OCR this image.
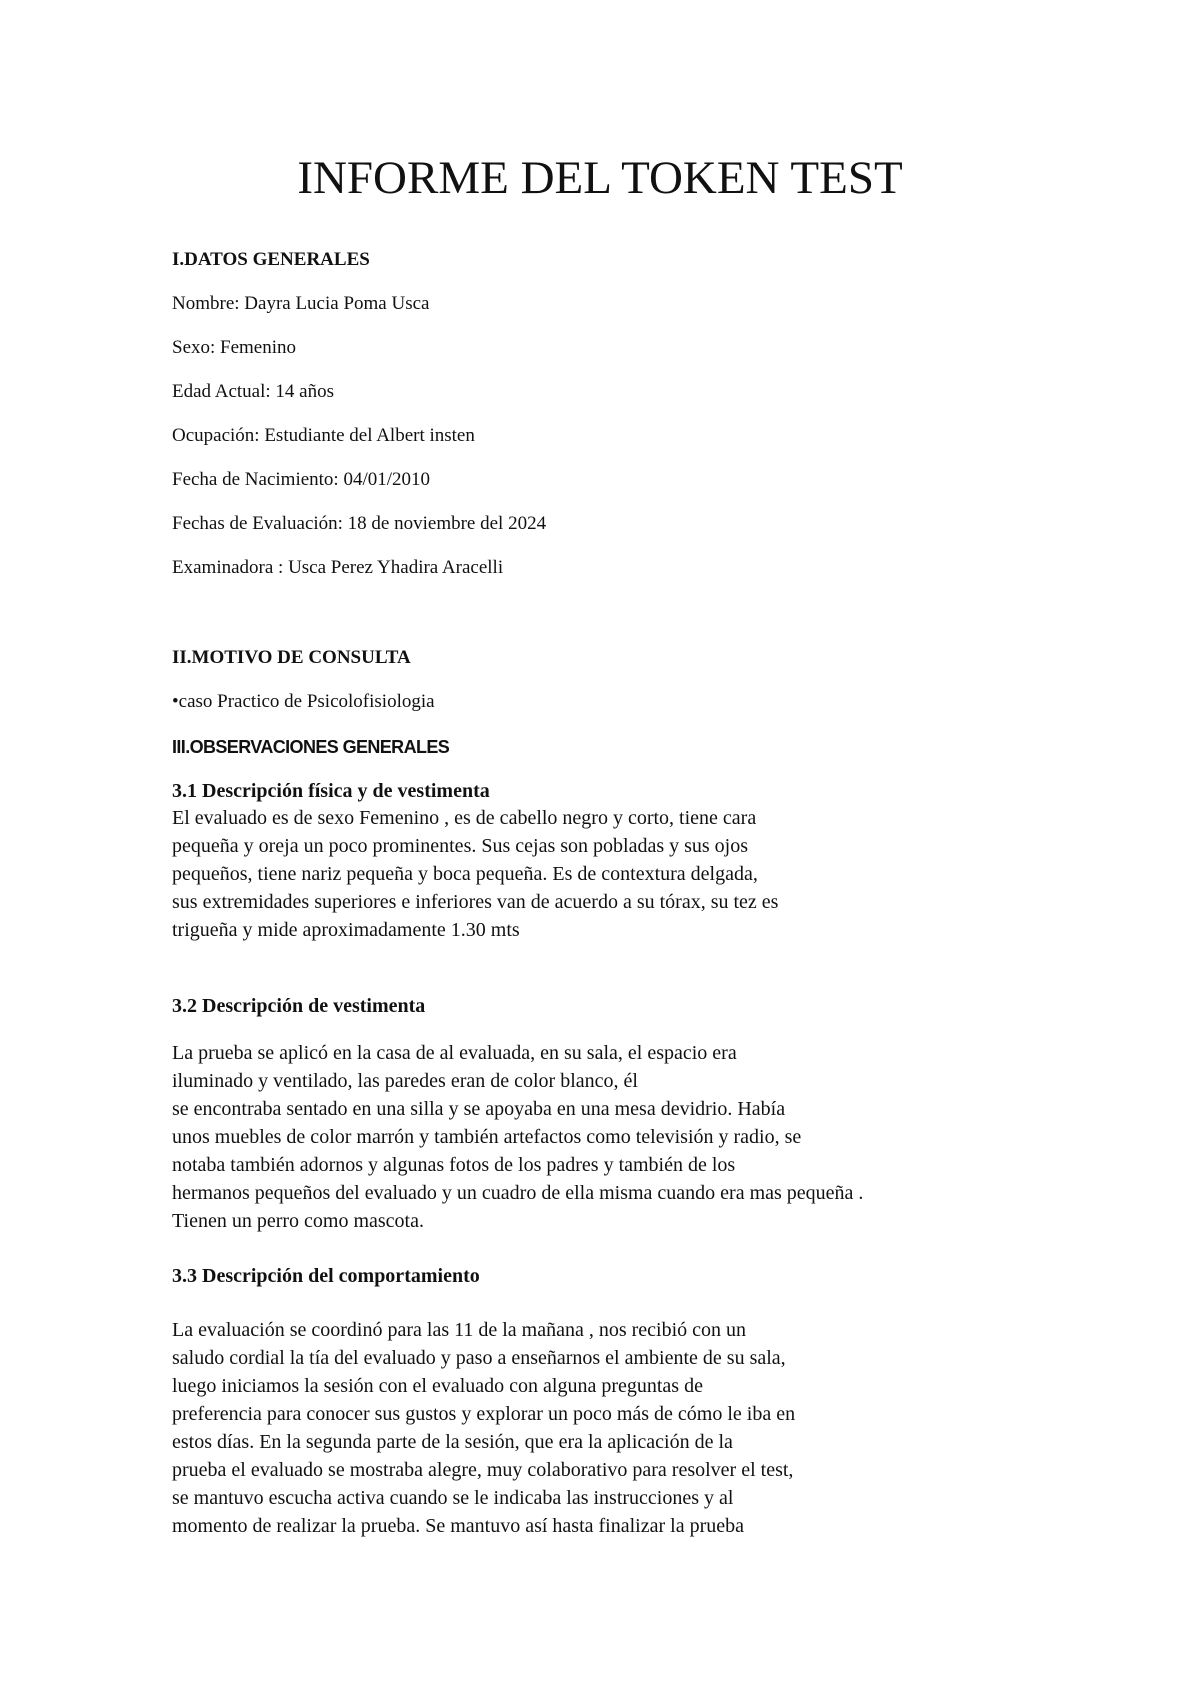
INFORME DEL TOKEN TEST
I.DATOS GENERALES
Nombre: Dayra Lucia Poma Usca
Sexo: Femenino
Edad Actual: 14 años
Ocupación: Estudiante del Albert insten
Fecha de Nacimiento: 04/01/2010
Fechas de Evaluación: 18 de noviembre del 2024
Examinadora : Usca Perez Yhadira Aracelli
II.MOTIVO DE CONSULTA
•caso Practico de Psicolofisiologia
III.OBSERVACIONES GENERALES
3.1 Descripción física y de vestimenta
El evaluado es de sexo Femenino , es de cabello negro y corto, tiene cara
pequeña y oreja un poco prominentes. Sus cejas son pobladas y sus ojos
pequeños, tiene nariz pequeña y boca pequeña. Es de contextura delgada,
sus extremidades superiores e inferiores van de acuerdo a su tórax, su tez es
trigueña y mide aproximadamente 1.30 mts
3.2 Descripción de vestimenta
La prueba se aplicó en la casa de al evaluada, en su sala, el espacio era
iluminado y ventilado, las paredes eran de color blanco, él
se encontraba sentado en una silla y se apoyaba en una mesa devidrio. Había
unos muebles de color marrón y también artefactos como televisión y radio, se
notaba también adornos y algunas fotos de los padres y también de los
hermanos pequeños del evaluado y un cuadro de ella misma cuando era mas pequeña .
Tienen un perro como mascota.
3.3 Descripción del comportamiento
La evaluación se coordinó para las 11 de la mañana , nos recibió con un
saludo cordial la tía del evaluado y paso a enseñarnos el ambiente de su sala,
luego iniciamos la sesión con el evaluado con alguna preguntas de
preferencia para conocer sus gustos y explorar un poco más de cómo le iba en
estos días. En la segunda parte de la sesión, que era la aplicación de la
prueba el evaluado se mostraba alegre, muy colaborativo para resolver el test,
se mantuvo escucha activa cuando se le indicaba las instrucciones y al
momento de realizar la prueba. Se mantuvo así hasta finalizar la prueba
